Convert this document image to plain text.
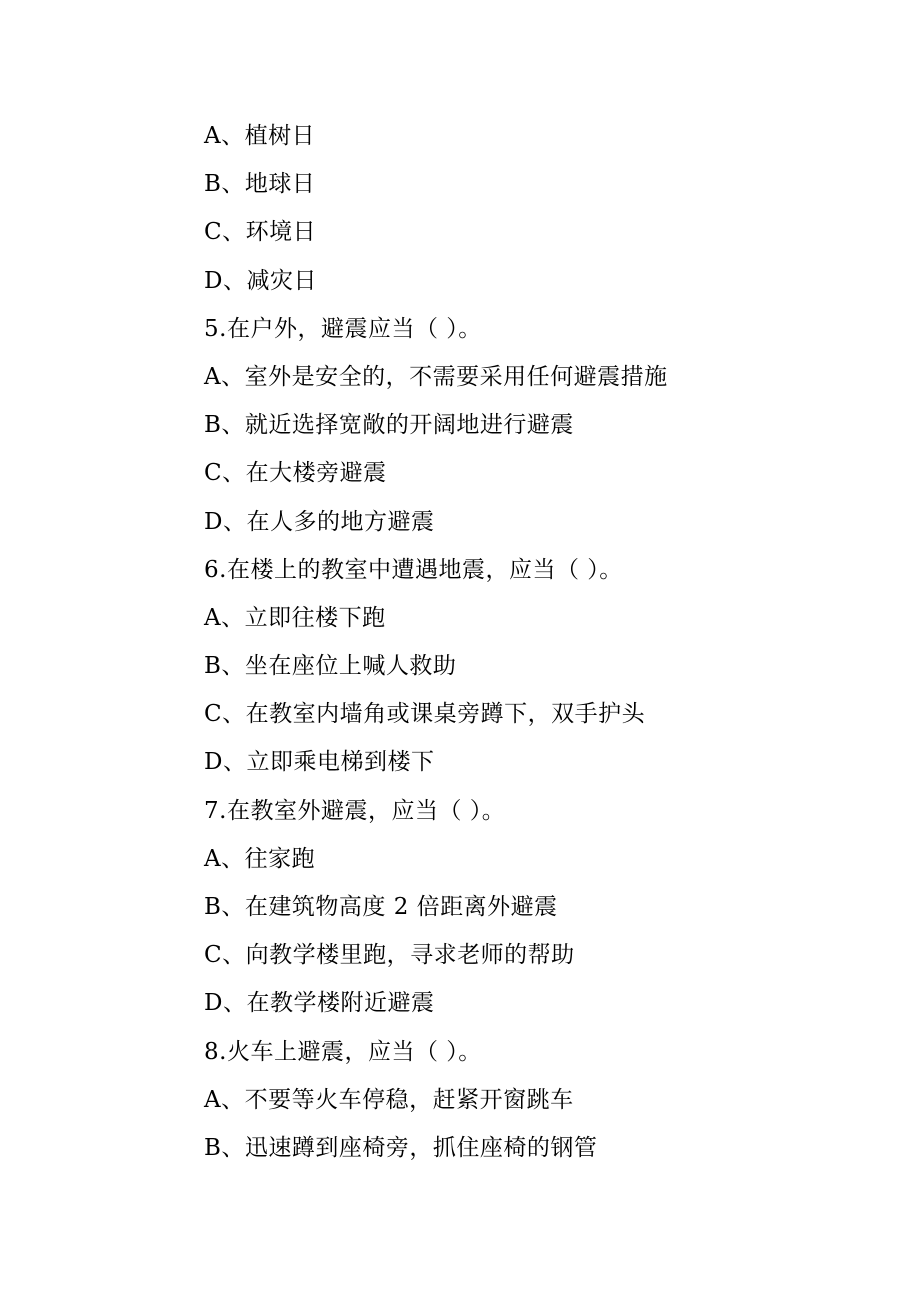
A、植树日
B、地球日
C、环境日
D、减灾日
5.在户外，避震应当（ ）。
A、室外是安全的，不需要采用任何避震措施
B、就近选择宽敞的开阔地进行避震
C、在大楼旁避震
D、在人多的地方避震
6.在楼上的教室中遭遇地震，应当（ ）。
A、立即往楼下跑
B、坐在座位上喊人救助
C、在教室内墙角或课桌旁蹲下，双手护头
D、立即乘电梯到楼下
7.在教室外避震，应当（ ）。
A、往家跑
B、在建筑物高度 2 倍距离外避震
C、向教学楼里跑，寻求老师的帮助
D、在教学楼附近避震
8.火车上避震，应当（ ）。
A、不要等火车停稳，赶紧开窗跳车
B、迅速蹲到座椅旁，抓住座椅的钢管
